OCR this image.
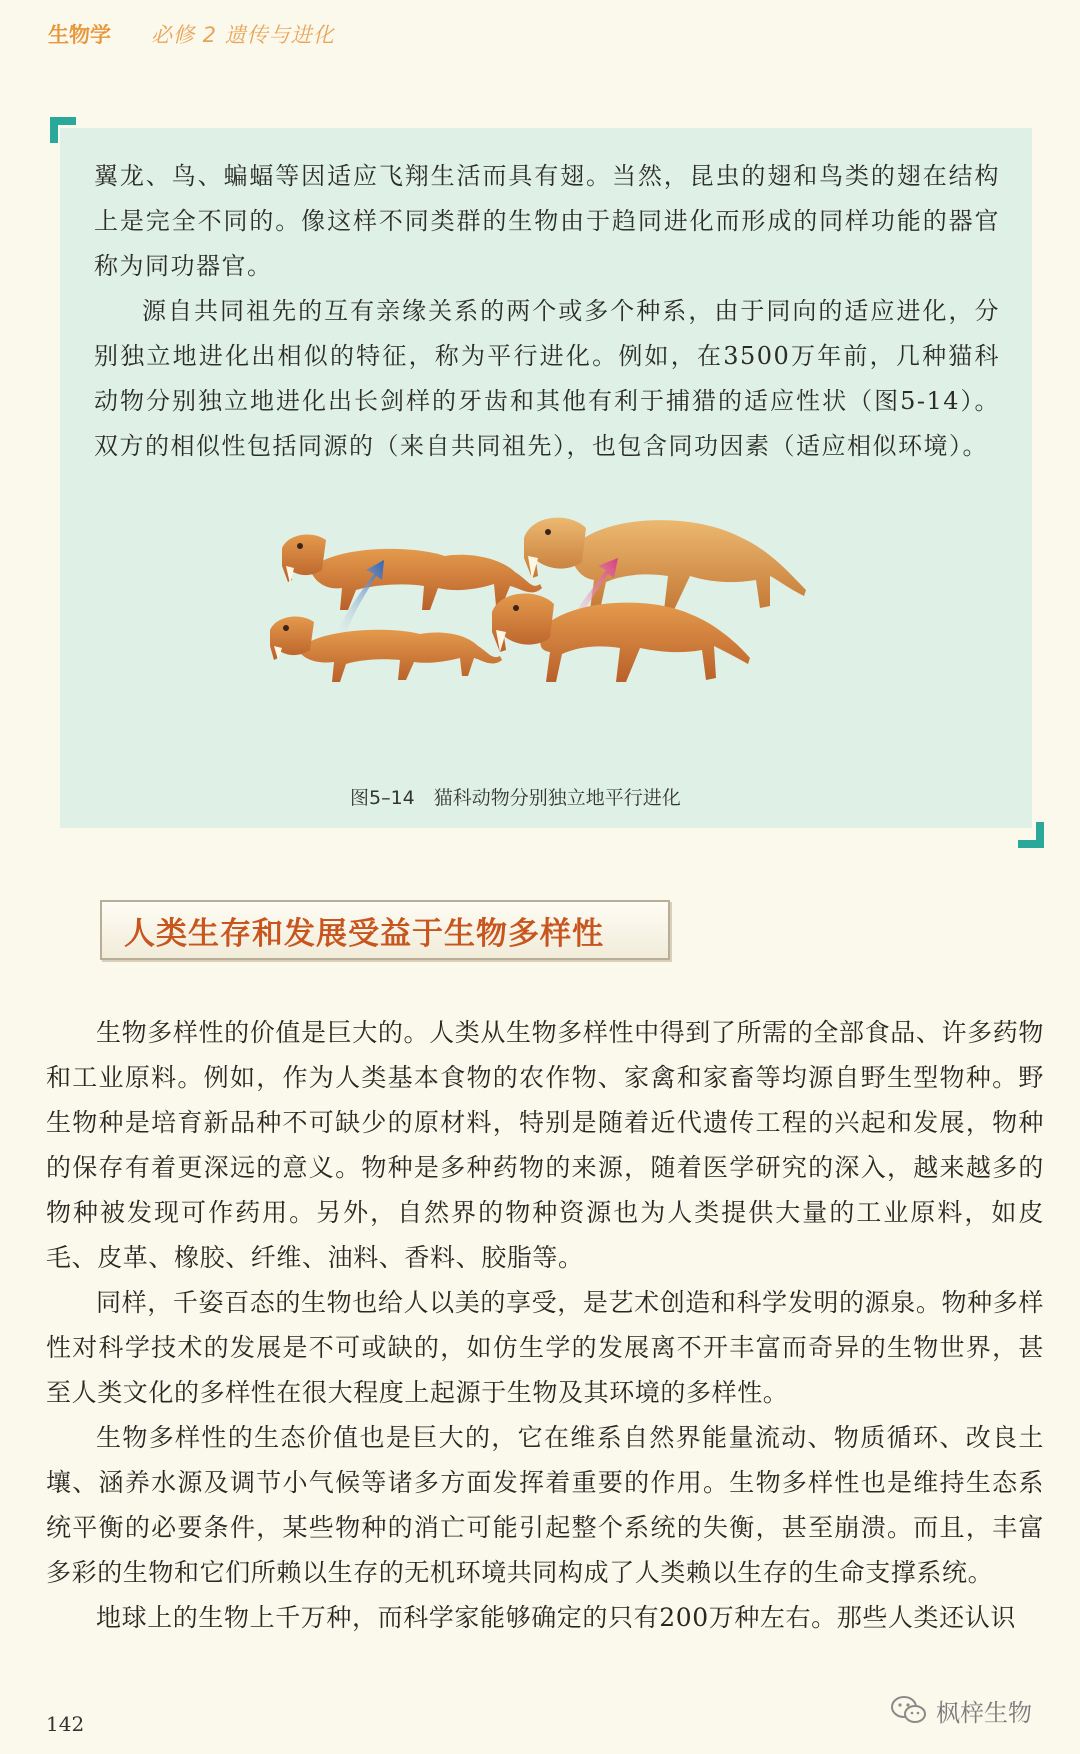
生物学 必修 2 遗传与进化

翼龙、鸟、蝙蝠等因适应飞翔生活而具有翅。当然，昆虫的翅和鸟类的翅在结构上是完全不同的。像这样不同类群的生物由于趋同进化而形成的同样功能的器官称为同功器官。

源自共同祖先的互有亲缘关系的两个或多个种系，由于同向的适应进化，分别独立地进化出相似的特征，称为平行进化。例如，在3500万年前，几种猫科动物分别独立地进化出长剑样的牙齿和其他有利于捕猎的适应性状（图5-14）。双方的相似性包括同源的（来自共同祖先），也包含同功因素（适应相似环境）。

图5–14　猫科动物分别独立地平行进化
人类生存和发展受益于生物多样性

生物多样性的价值是巨大的。人类从生物多样性中得到了所需的全部食品、许多药物和工业原料。例如，作为人类基本食物的农作物、家禽和家畜等均源自野生型物种。野生物种是培育新品种不可缺少的原材料，特别是随着近代遗传工程的兴起和发展，物种的保存有着更深远的意义。物种是多种药物的来源，随着医学研究的深入，越来越多的物种被发现可作药用。另外，自然界的物种资源也为人类提供大量的工业原料，如皮毛、皮革、橡胶、纤维、油料、香料、胶脂等。

同样，千姿百态的生物也给人以美的享受，是艺术创造和科学发明的源泉。物种多样性对科学技术的发展是不可或缺的，如仿生学的发展离不开丰富而奇异的生物世界，甚至人类文化的多样性在很大程度上起源于生物及其环境的多样性。

生物多样性的生态价值也是巨大的，它在维系自然界能量流动、物质循环、改良土壤、涵养水源及调节小气候等诸多方面发挥着重要的作用。生物多样性也是维持生态系统平衡的必要条件，某些物种的消亡可能引起整个系统的失衡，甚至崩溃。而且，丰富多彩的生物和它们所赖以生存的无机环境共同构成了人类赖以生存的生命支撑系统。

地球上的生物上千万种，而科学家能够确定的只有200万种左右。那些人类还认识

142	枫梓生物
